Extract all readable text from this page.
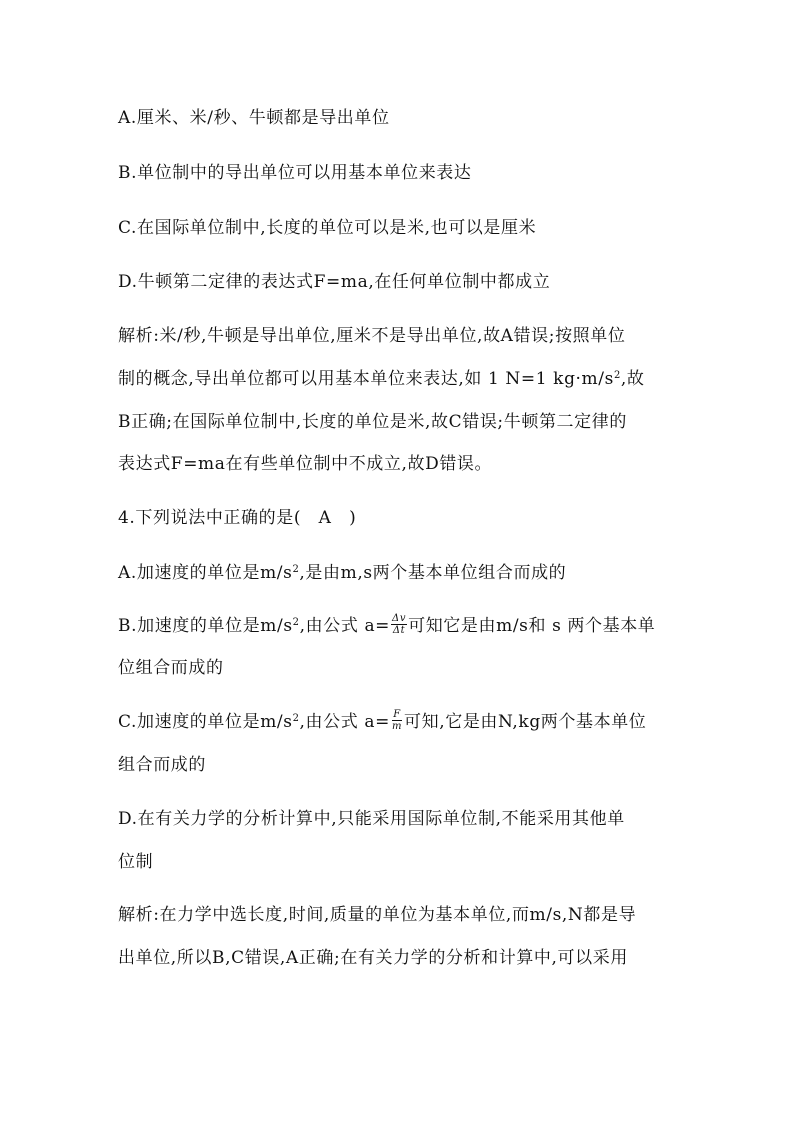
A.厘米、米/秒、牛顿都是导出单位
B.单位制中的导出单位可以用基本单位来表达
C.在国际单位制中,长度的单位可以是米,也可以是厘米
D.牛顿第二定律的表达式F=ma,在任何单位制中都成立
解析:米/秒,牛顿是导出单位,厘米不是导出单位,故A错误;按照单位
制的概念,导出单位都可以用基本单位来表达,如 1 N=1 $kg\cdot m/s^2$,故
B正确;在国际单位制中,长度的单位是米,故C错误;牛顿第二定律的
表达式F=ma在有些单位制中不成立,故D错误。
4.下列说法中正确的是(　A　)
A.加速度的单位是$m/s^2$,是由m,s两个基本单位组合而成的
B.加速度的单位是$m/s^2$,由公式 $a= \frac{\Delta v}{\Delta t}$ 可知它是由m/s和 s 两个基本单
位组合而成的
C.加速度的单位是$m/s^2$,由公式 $a= \frac{F}{m}$ 可知,它是由N,kg两个基本单位
组合而成的
D.在有关力学的分析计算中,只能采用国际单位制,不能采用其他单
位制
解析:在力学中选长度,时间,质量的单位为基本单位,而m/s,N都是导
出单位,所以B,C错误,A正确;在有关力学的分析和计算中,可以采用
